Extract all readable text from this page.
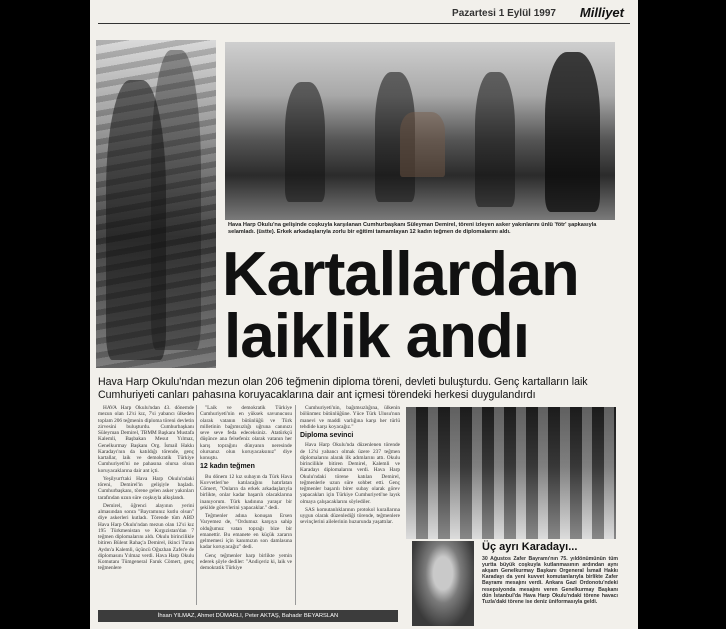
Pazartesi 1 Eylül 1997 Milliyet
Hava Harp Okulu'na gelişinde coşkuyla karşılanan Cumhurbaşkanı Süleyman Demirel, töreni izleyen asker yakınlarını ünlü 'fötr' şapkasıyla selamladı. (üstte). Erkek arkadaşlarıyla zorlu bir eğitimi tamamlayan 12 kadın teğmen de diplomalarını aldı.
Kartallardan
laiklik andı
Hava Harp Okulu'ndan mezun olan 206 teğmenin diploma töreni, devleti buluşturdu. Genç kartalların laik Cumhuriyeti canları pahasına koruyacaklarına dair ant içmesi törendeki herkesi duygulandırdı

HAVA Harp Okulu'ndan 43. dönemde mezun olan 12'si kız, 7'si yabancı ülkeden toplam 206 teğmenin diploma töreni devletin zirvesini buluşturdu. Cumhurbaşkanı Süleyman Demirel, TBMM Başkanı Mustafa Kalemli, Başbakan Mesut Yılmaz, Genelkurmay Başkanı Org. İsmail Hakkı Karadayı'nın da katıldığı törende, genç kartallar, laik ve demokratik Türkiye Cumhuriyeti'ni ne pahasına olursa olsun koruyacaklarına dair ant içti.

Yeşilyurt'taki Hava Harp Okulu'ndaki töreni, Demirel'in gelişiyle başladı. Cumhurbaşkanı, törene gelen asker yakınları tarafından uzun süre coşkuyla alkışlandı.

Demirel, öğrenci alayının yerini almasından sonra "Bayramınız kutlu olsun" diye askerleri kutladı. Törende tüm ABD Hava Harp Okulu'ndan mezun olan 12'si kız 195 Türkmenistan ve Kırgızistan'dan 7 teğmen diplomalarını aldı. Okulu birincilikle bitiren Bülent Rahaç'a Demirel, ikinci Turan Aydın'a Kalemli, üçüncü Oğuzhan Zafer'e de diplomasını Yılmaz verdi. Hava Harp Okulu Komutanı Tümgeneral Faruk Cömert, genç teğmenlere

"Laik ve demokratik Türkiye Cumhuriyeti'nin en yüksek savunucusu olarak vatanın bütünlüğü ve Türk milletinin bağımsızlığı uğruna canınızı seve seve feda edeceksiniz. Atatürkçü düşünce ana felsefeniz olarak vatanın her karış toprağını dünyanın neresinde olursanız olun koruyacaksınız" diye konuştu.

12 kadın teğmen

Bu dönem 12 kız subayın da Türk Hava Kuvvetleri'ne katılacağını hatırlatan Cömert, "Onların da erkek arkadaşlarıyla birlikte, onlar kadar başarılı olacaklarına inanıyorum. Türk kadınına yaraşır bir şekilde görevlerini yapacaklar." dedi.

Teğmenler adına konuşan Ersen Varyemez de, "Ordumuz karşıya sahip olduğumuz vatan toprağı bize bir emanettir. Bu emanete en küçük zararın gelmemesi için kanımızın son damlasına kadar koruyacağız" dedi.

Genç teğmenler harp birlikte yemin ederek şöyle dediler: "Andiçeriz ki, laik ve demokratik Türkiye

Cumhuriyeti'nin, bağımsızlığına, ülkenin bölünmez bütünlüğüne. Yüce Türk Ulusu'nun manevi ve maddi varlığına karşı her türlü tehdide karşı koyacağız."

Diploma sevinci

Hava Harp Okulu'nda düzenlenen törende de 12'si yabancı olmak üzere 237 teğmen diplomalarını alarak ilk adımlarını attı. Okulu birincilikle bitiren Demirel, Kalemli ve Karadayı diplomalarını verdi. Hava Harp Okulu'ndaki törene katılan Demirel, teğmenlerle uzun süre sohbet etti. Genç teğmenler başarılı birer subay olarak görev yapacakları için Türkiye Cumhuriyeti'ne layık olmaya çalışacaklarını söylediler.

SAS komutanlıklarının protokol kurallarına uygun olarak düzenlediği törende, teğmenlere sevinçlerini ailelerinin huzurunda yaşattılar.

Üç ayrı Karadayı...

30 Ağustos Zafer Bayramı'nın 75. yıldönümünün tüm yurtta büyük coşkuyla kutlanmasının ardından aynı akşam Genelkurmay Başkanı Orgeneral İsmail Hakkı Karadayı da yeni kuvvet komutanlarıyla birlikte Zafer Bayramı mesajını verdi. Ankara Gazi Ordonotu'ndeki resepsiyonda mesajını veren Genelkurmay Başkanı dün İstanbul'da Hava Harp Okulu'ndaki törene havacı Tuzla'daki törene ise deniz üniformasıyla geldi.

İhsan YILMAZ, Ahmet DÜMARLI, Peter AKTAŞ, Bahadır BEYARSLAN
